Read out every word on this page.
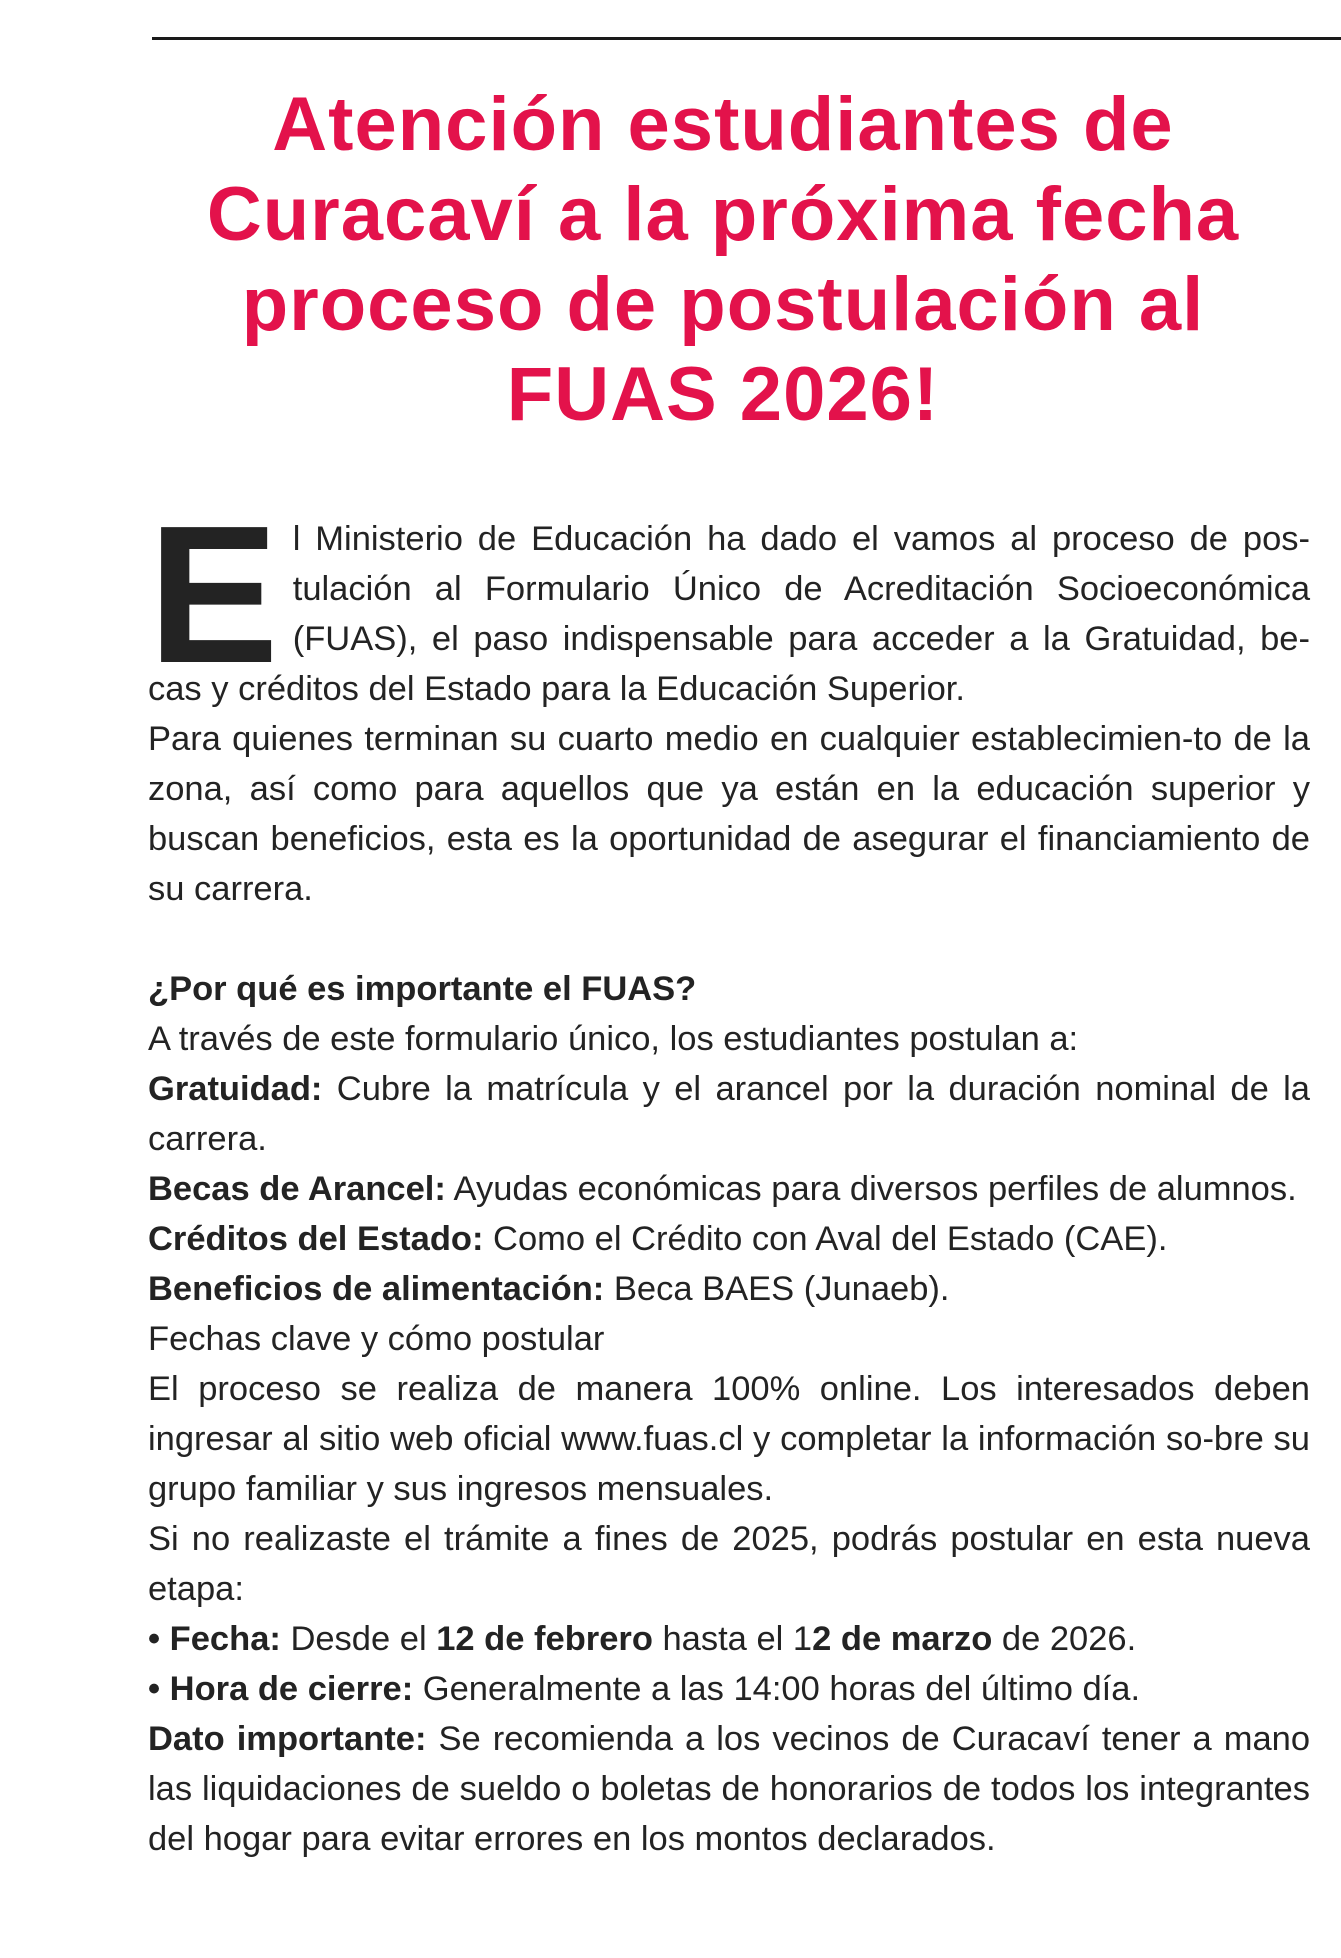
Atención estudiantes de
Curacaví a la próxima fecha
proceso de postulación al
FUAS 2026!

El Ministerio de Educación ha dado el vamos al proceso de pos-tulación al Formulario Único de Acreditación Socioeconómica (FUAS), el paso indispensable para acceder a la Gratuidad, be-cas y créditos del Estado para la Educación Superior.

Para quienes terminan su cuarto medio en cualquier establecimien-to de la zona, así como para aquellos que ya están en la educación superior y buscan beneficios, esta es la oportunidad de asegurar el financiamiento de su carrera.

¿Por qué es importante el FUAS?

A través de este formulario único, los estudiantes postulan a:

Gratuidad: Cubre la matrícula y el arancel por la duración nominal de la carrera.

Becas de Arancel: Ayudas económicas para diversos perfiles de alumnos.

Créditos del Estado: Como el Crédito con Aval del Estado (CAE).

Beneficios de alimentación: Beca BAES (Junaeb).

Fechas clave y cómo postular

El proceso se realiza de manera 100% online. Los interesados deben ingresar al sitio web oficial www.fuas.cl y completar la información so-bre su grupo familiar y sus ingresos mensuales.

Si no realizaste el trámite a fines de 2025, podrás postular en esta nueva etapa:

• Fecha: Desde el 12 de febrero hasta el 12 de marzo de 2026.

• Hora de cierre: Generalmente a las 14:00 horas del último día.

Dato importante: Se recomienda a los vecinos de Curacaví tener a mano las liquidaciones de sueldo o boletas de honorarios de todos los integrantes del hogar para evitar errores en los montos declarados.
